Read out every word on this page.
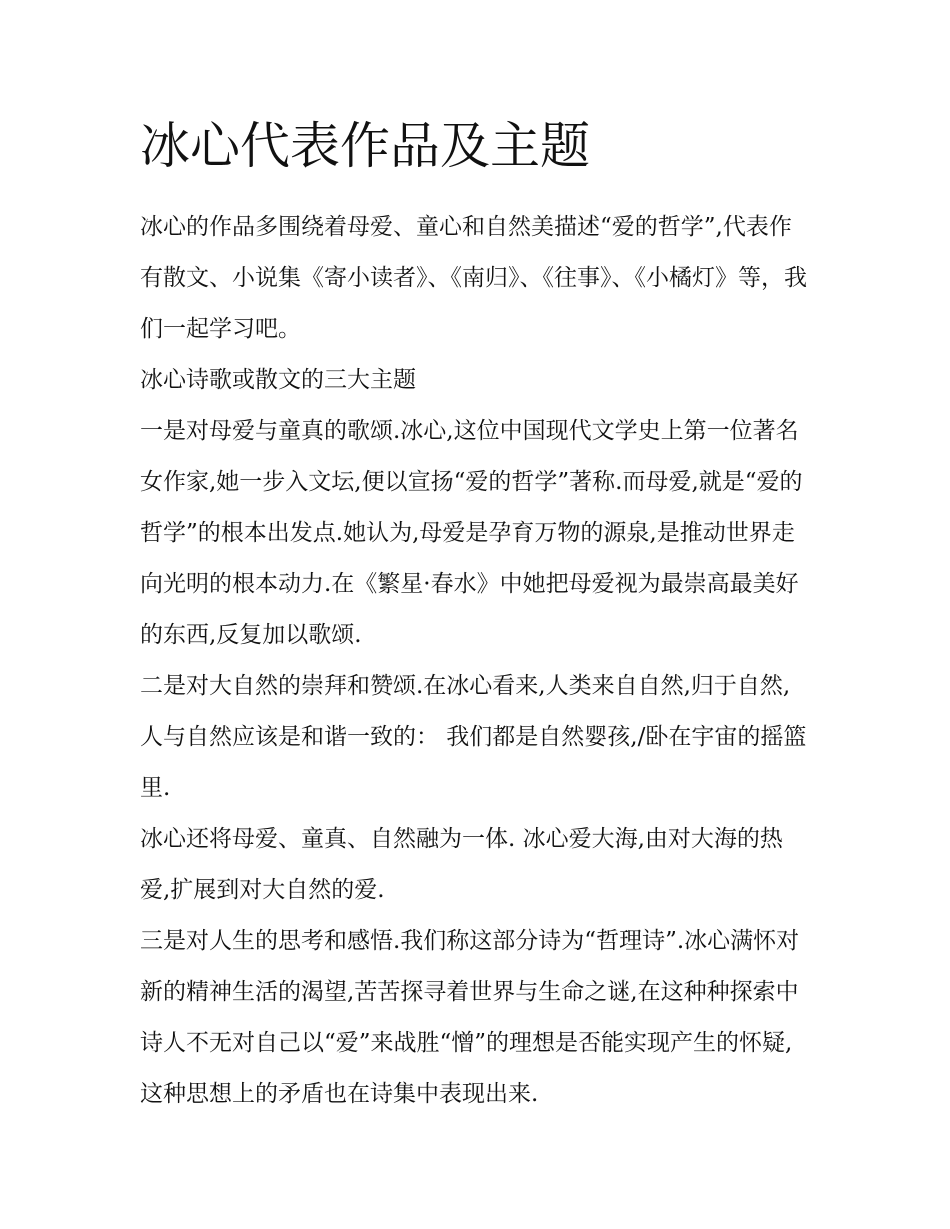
冰心代表作品及主题

冰心的作品多围绕着母爱、童心和自然美描述“爱的哲学”,代表作有散文、小说集《寄小读者》、《南归》、《往事》、《小橘灯》等，我们一起学习吧。

冰心诗歌或散文的三大主题

一是对母爱与童真的歌颂.冰心,这位中国现代文学史上第一位著名女作家,她一步入文坛,便以宣扬“爱的哲学”著称.而母爱,就是“爱的哲学”的根本出发点.她认为,母爱是孕育万物的源泉,是推动世界走向光明的根本动力.在《繁星·春水》中她把母爱视为最崇高最美好的东西,反复加以歌颂.

二是对大自然的崇拜和赞颂.在冰心看来,人类来自自然,归于自然,人与自然应该是和谐一致的： 我们都是自然婴孩,/卧在宇宙的摇篮里.

冰心还将母爱、童真、自然融为一体. 冰心爱大海,由对大海的热爱,扩展到对大自然的爱.

三是对人生的思考和感悟.我们称这部分诗为“哲理诗”.冰心满怀对新的精神生活的渴望,苦苦探寻着世界与生命之谜,在这种种探索中诗人不无对自己以“爱”来战胜“憎”的理想是否能实现产生的怀疑,这种思想上的矛盾也在诗集中表现出来.
